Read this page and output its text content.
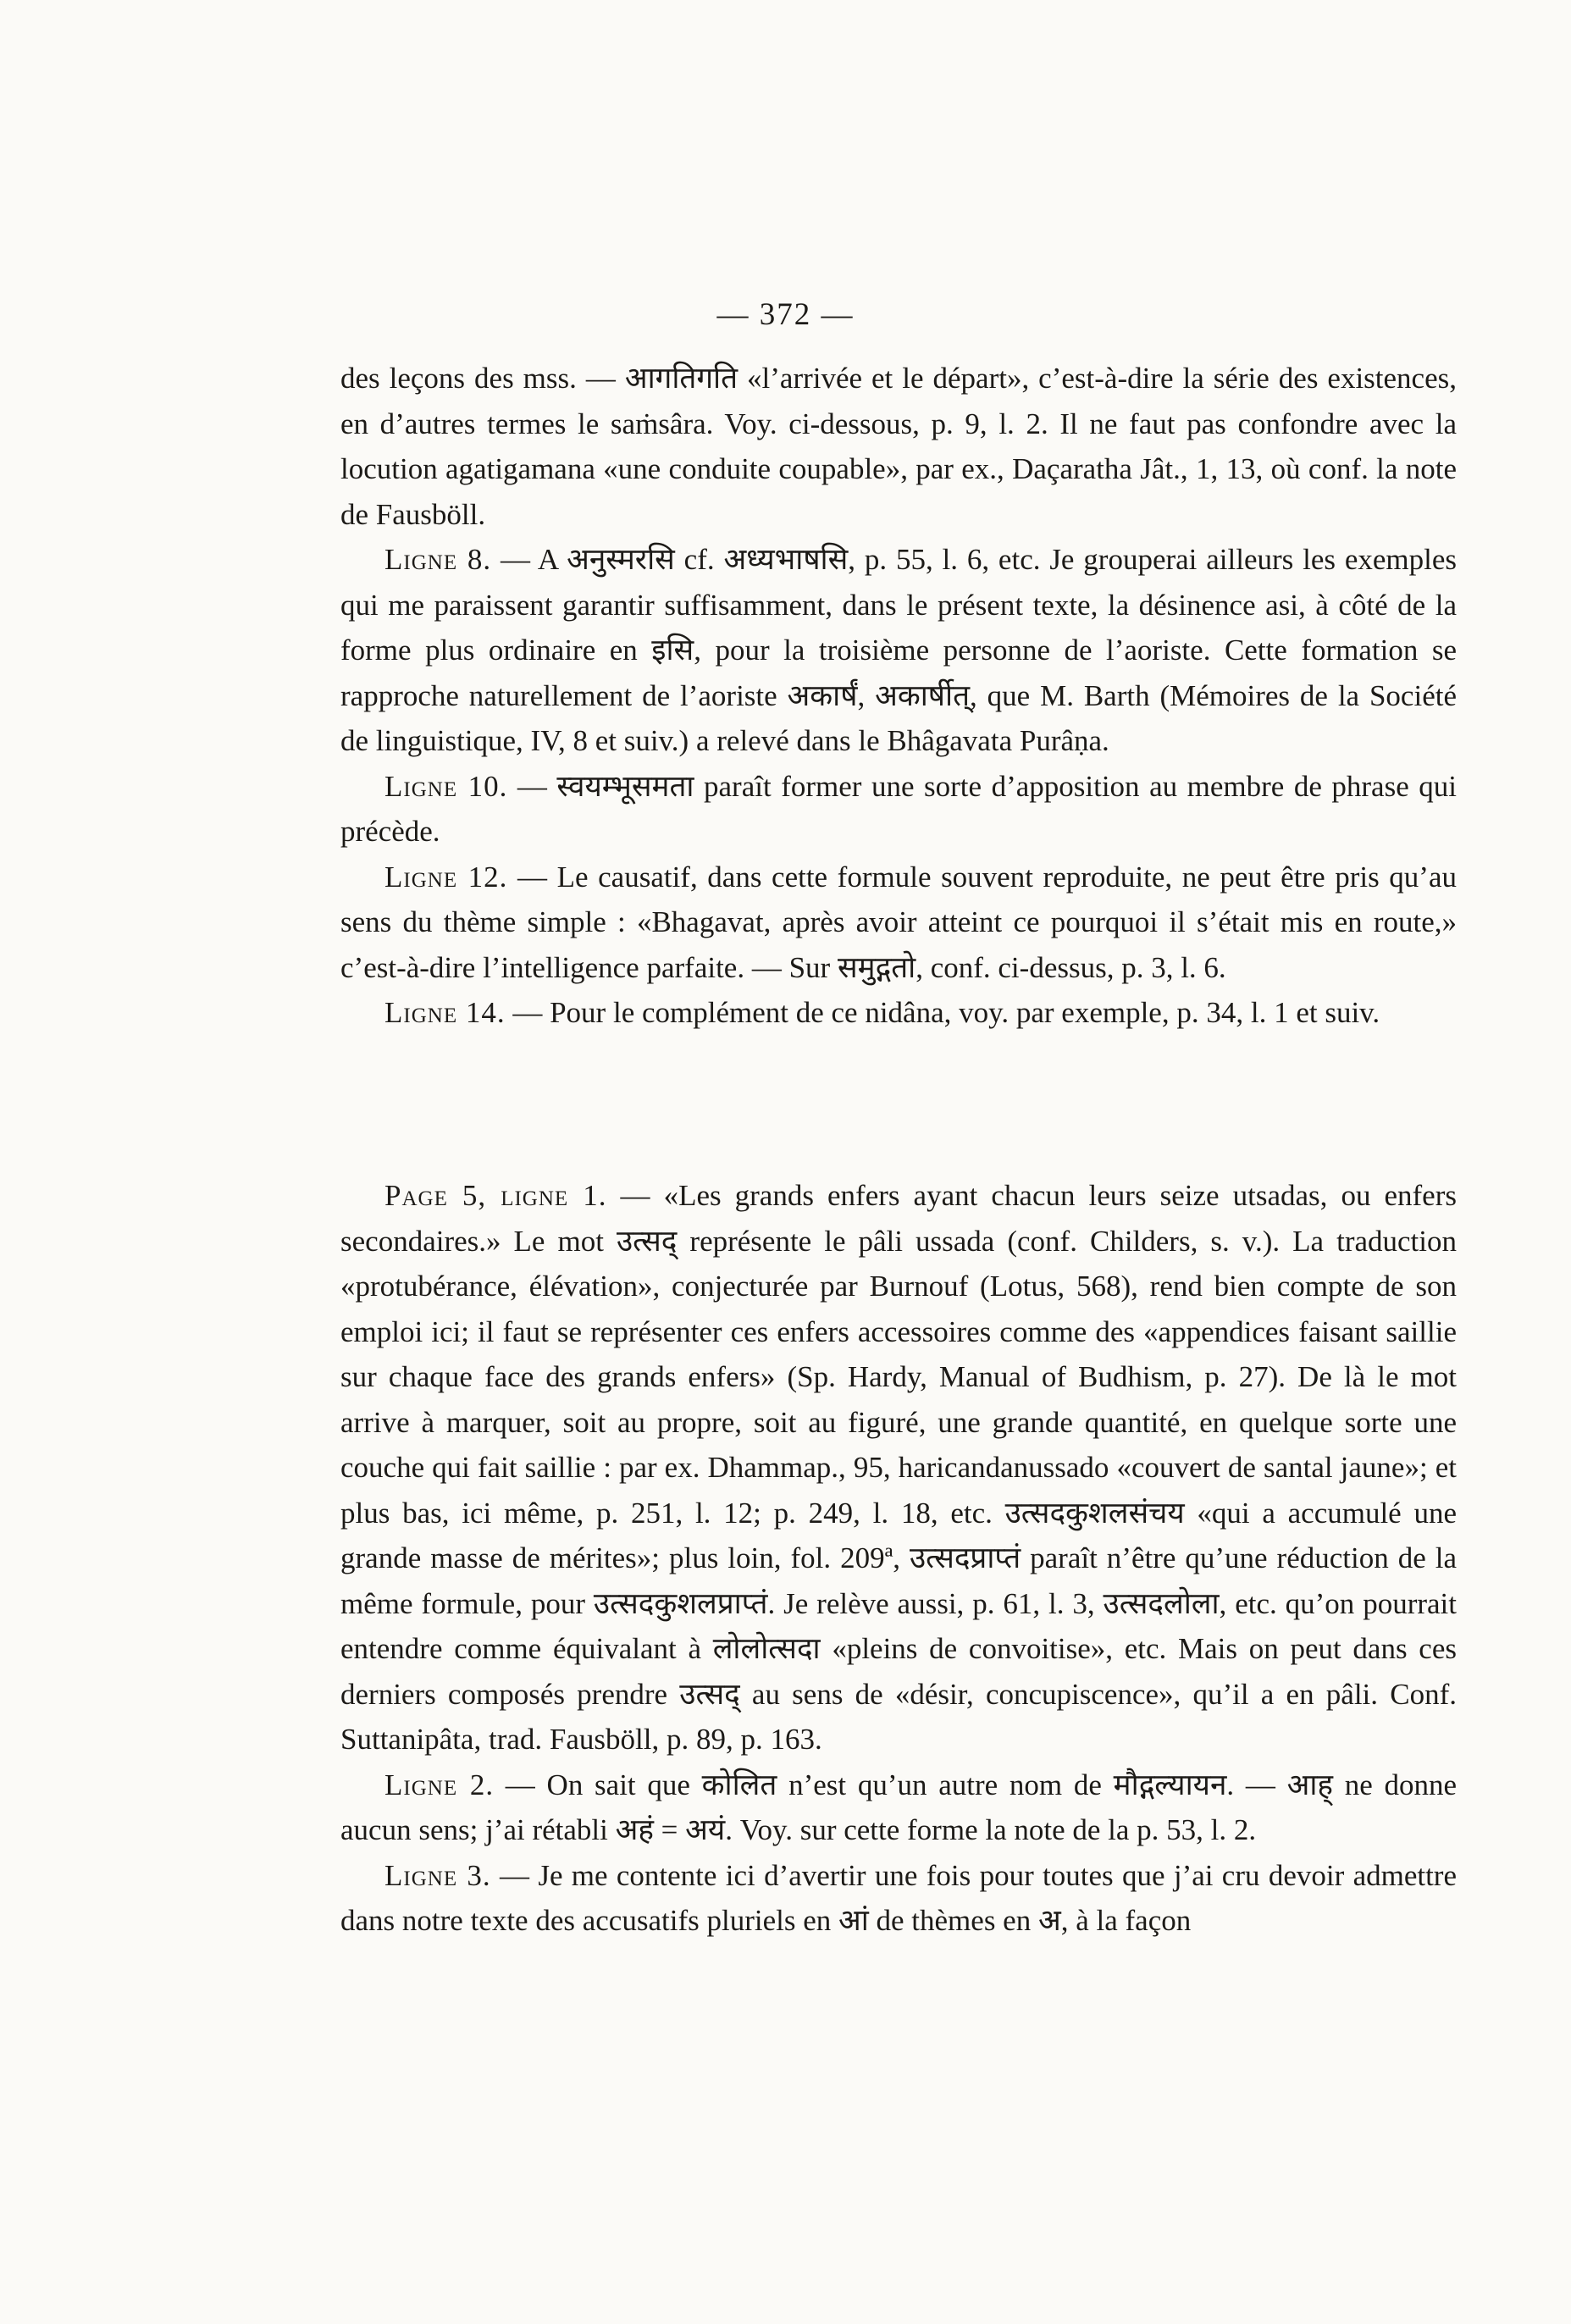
— 372 —

des leçons des mss. — आगतिगति «l’arrivée et le départ», c’est-à-dire la série des existences, en d’autres termes le saṁsâra. Voy. ci-dessous, p. 9, l. 2. Il ne faut pas confondre avec la locution agatigamana «une conduite coupable», par ex., Daçaratha Jât., 1, 13, où conf. la note de Fausböll.

Ligne 8. — A अनुस्मरसि cf. अध्यभाषसि, p. 55, l. 6, etc. Je grouperai ailleurs les exemples qui me paraissent garantir suffisamment, dans le présent texte, la désinence asi, à côté de la forme plus ordinaire en इसि, pour la troisième personne de l’aoriste. Cette formation se rapproche naturellement de l’aoriste अकार्षं, अकार्षीत्, que M. Barth (Mémoires de la Société de linguistique, IV, 8 et suiv.) a relevé dans le Bhâgavata Purâṇa.

Ligne 10. — स्वयम्भूसमता paraît former une sorte d’apposition au membre de phrase qui précède.

Ligne 12. — Le causatif, dans cette formule souvent reproduite, ne peut être pris qu’au sens du thème simple : «Bhagavat, après avoir atteint ce pourquoi il s’était mis en route,» c’est-à-dire l’intelligence parfaite. — Sur समुद्गतो, conf. ci-dessus, p. 3, l. 6.

Ligne 14. — Pour le complément de ce nidâna, voy. par exemple, p. 34, l. 1 et suiv.

Page 5, ligne 1. — «Les grands enfers ayant chacun leurs seize utsadas, ou enfers secondaires.» Le mot उत्सद् représente le pâli ussada (conf. Childers, s. v.). La traduction «protubérance, élévation», conjecturée par Burnouf (Lotus, 568), rend bien compte de son emploi ici; il faut se représenter ces enfers accessoires comme des «appendices faisant saillie sur chaque face des grands enfers» (Sp. Hardy, Manual of Budhism, p. 27). De là le mot arrive à marquer, soit au propre, soit au figuré, une grande quantité, en quelque sorte une couche qui fait saillie : par ex. Dhammap., 95, haricandanussado «couvert de santal jaune»; et plus bas, ici même, p. 251, l. 12; p. 249, l. 18, etc. उत्सदकुशलसंचय «qui a accumulé une grande masse de mérites»; plus loin, fol. 209ª, उत्सदप्राप्तं paraît n’être qu’une réduction de la même formule, pour उत्सदकुशलप्राप्तं. Je relève aussi, p. 61, l. 3, उत्सदलोला, etc. qu’on pourrait entendre comme équivalant à लोलोत्सदा «pleins de convoitise», etc. Mais on peut dans ces derniers composés prendre उत्सद् au sens de «désir, concupiscence», qu’il a en pâli. Conf. Suttanipâta, trad. Fausböll, p. 89, p. 163.

Ligne 2. — On sait que कोलित n’est qu’un autre nom de मौद्गल्यायन. — आह् ne donne aucun sens; j’ai rétabli अहं = अयं. Voy. sur cette forme la note de la p. 53, l. 2.

Ligne 3. — Je me contente ici d’avertir une fois pour toutes que j’ai cru devoir admettre dans notre texte des accusatifs pluriels en आं de thèmes en अ, à la façon
